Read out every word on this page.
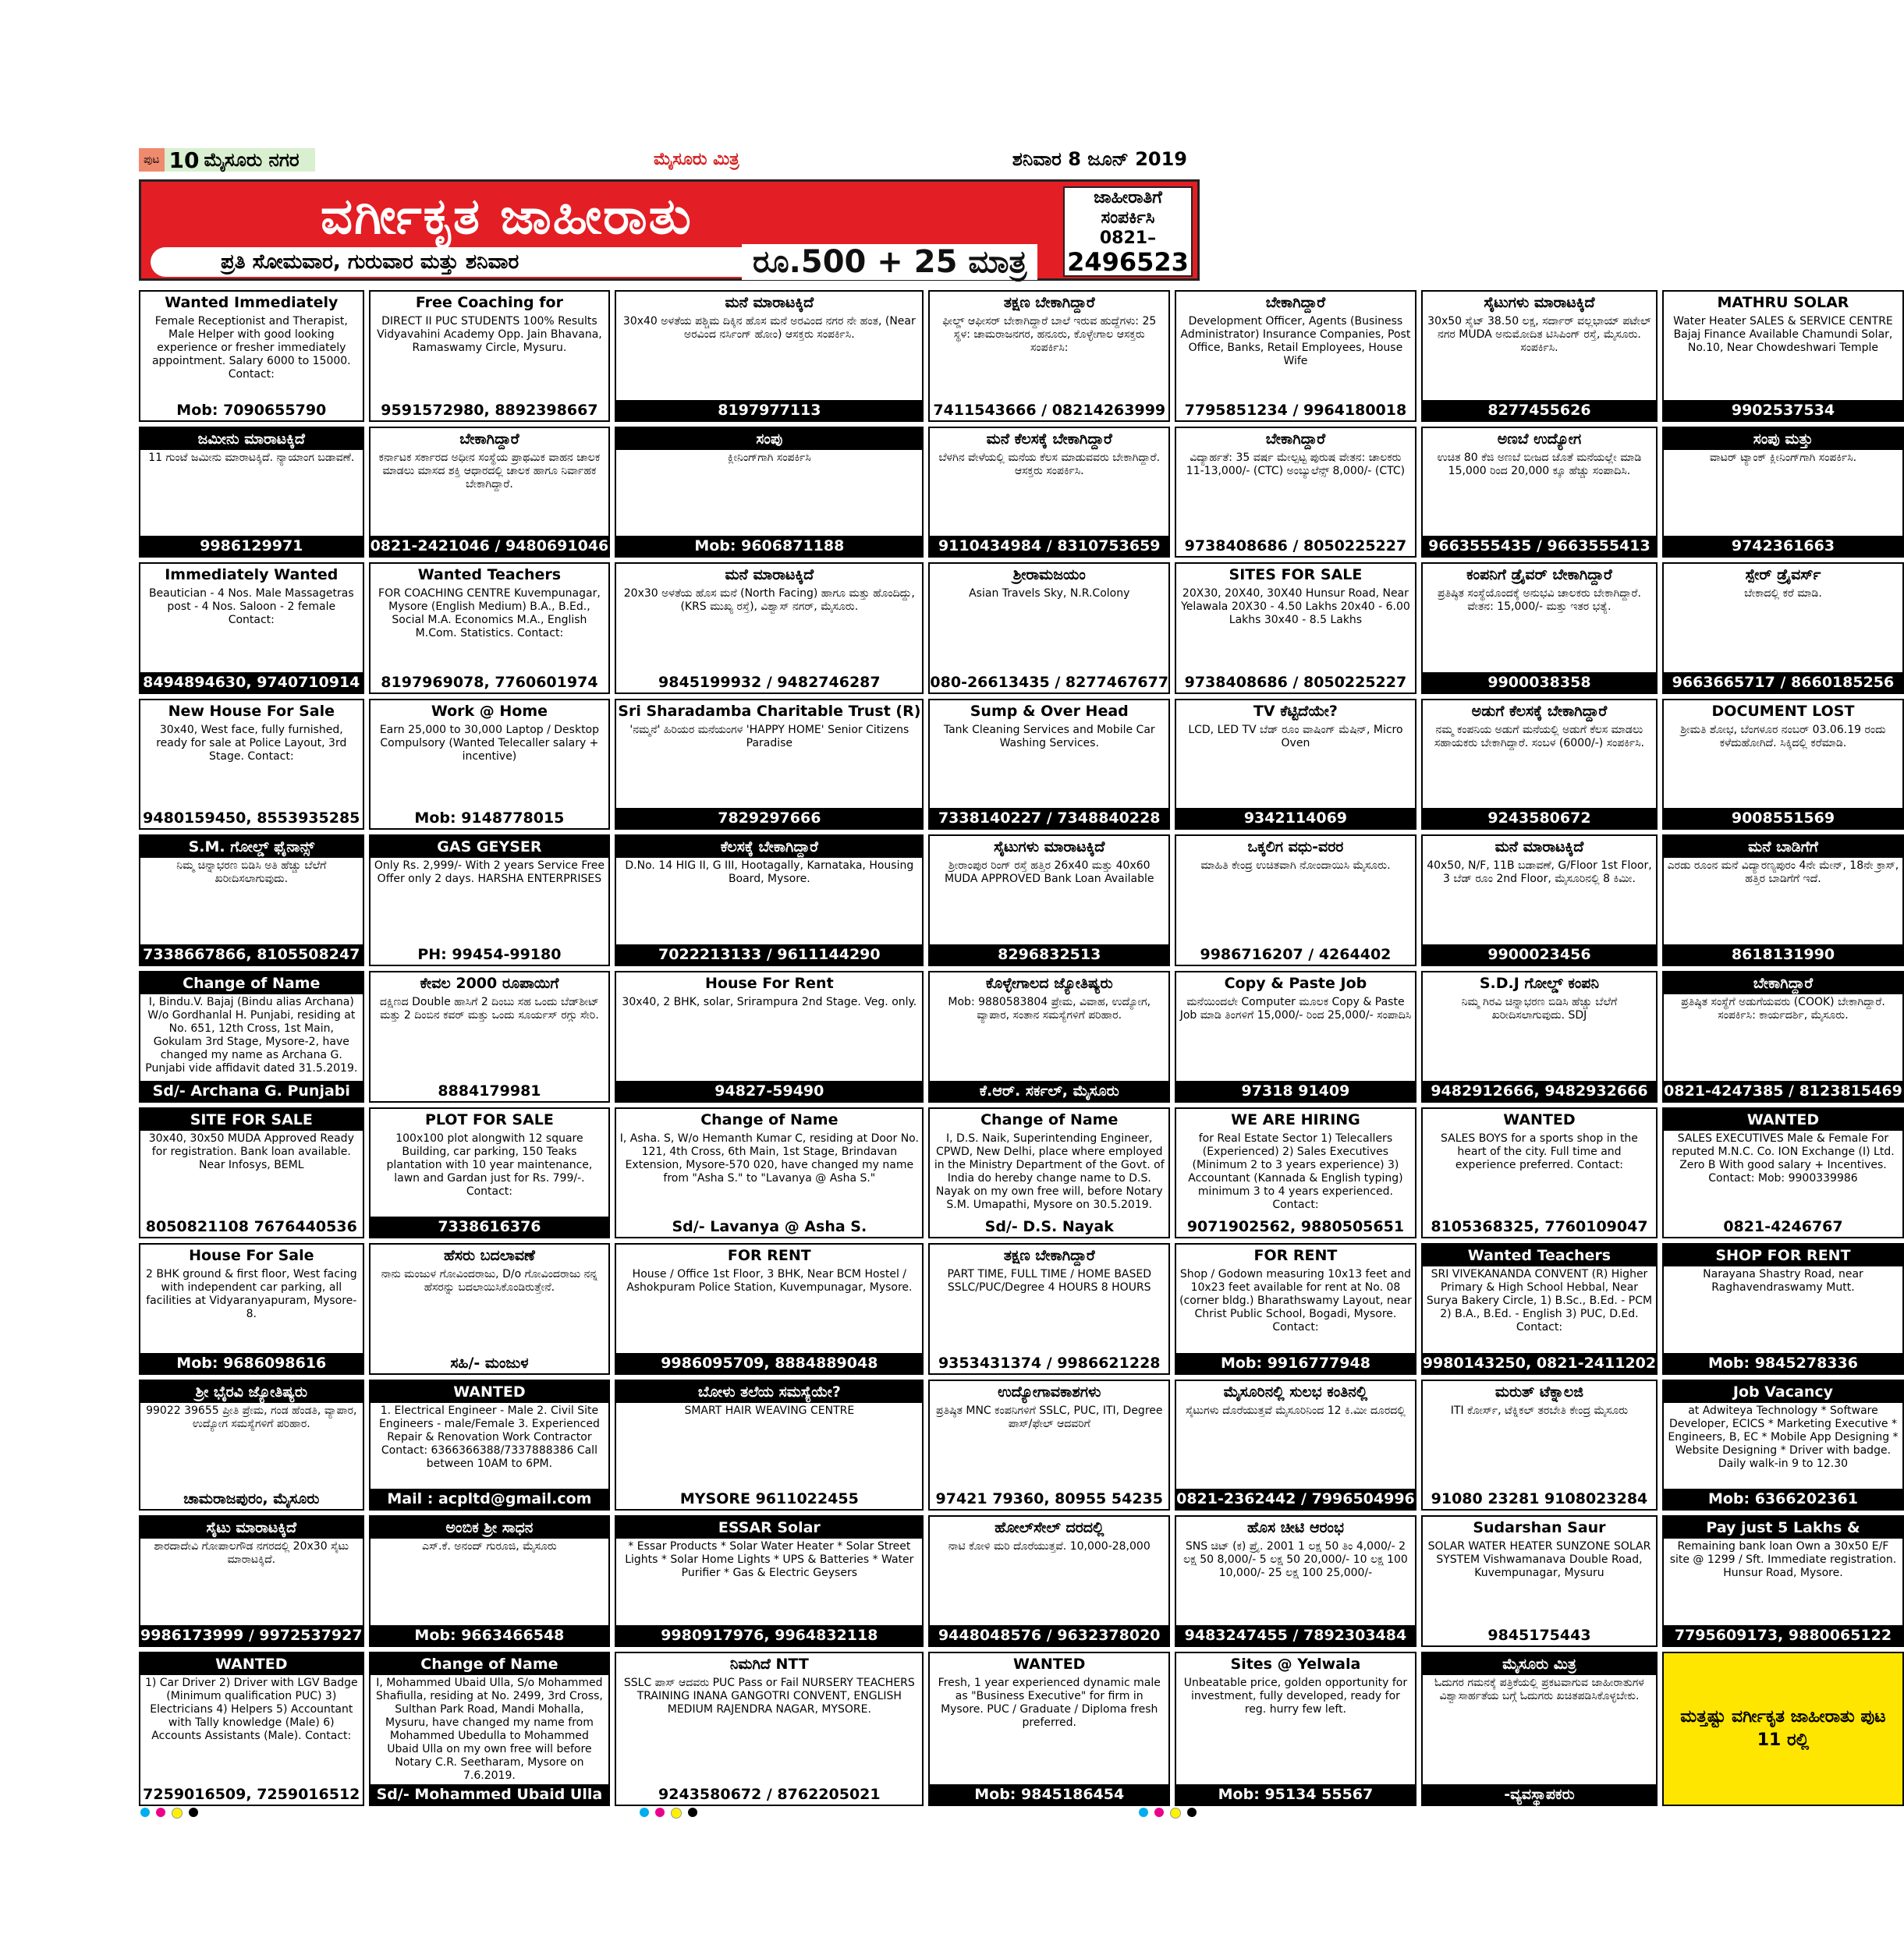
ಪುಟ 10 ಮೈಸೂರು ನಗರ	ಮೈಸೂರು ಮಿತ್ರ	ಶನಿವಾರ 8 ಜೂನ್ 2019
ವರ್ಗೀಕೃತ ಜಾಹೀರಾತು
ಪ್ರತಿ ಸೋಮವಾರ, ಗುರುವಾರ ಮತ್ತು ಶನಿವಾರ	ರೂ.500 + 25 ಮಾತ್ರ
ಜಾಹೀರಾತಿಗೆ ಸಂಪರ್ಕಿಸಿ
0821–
2496523
Wanted Immediately
Female Receptionist and Therapist, Male Helper with good looking experience or fresher immediately appointment. Salary 6000 to 15000. Contact:
Mob: 7090655790
Free Coaching for
DIRECT II PUC STUDENTS 100% Results Vidyavahini Academy Opp. Jain Bhavana, Ramaswamy Circle, Mysuru.
9591572980, 8892398667
ಮನೆ ಮಾರಾಟಕ್ಕಿದೆ
30x40 ಅಳತೆಯ ಪಶ್ಚಿಮ ದಿಕ್ಕಿನ ಹೊಸ ಮನೆ ಅರವಿಂದ ನಗರ ನೇ ಹಂತ, (Near ಅರವಿಂದ ನರ್ಸಿಂಗ್ ಹೋಂ) ಆಸಕ್ತರು ಸಂಪರ್ಕಿಸಿ.
8197977113
ತಕ್ಷಣ ಬೇಕಾಗಿದ್ದಾರೆ
ಫೀಲ್ಡ್ ಆಫೀಸರ್ ಬೇಕಾಗಿದ್ದಾರೆ ಬಾಲೆ ಇರುವ ಹುದ್ದೆಗಳು: 25 ಸ್ಥಳ: ಚಾಮರಾಜನಗರ, ಹನೂರು, ಕೊಳ್ಳೇಗಾಲ ಆಸಕ್ತರು ಸಂಪರ್ಕಿಸಿ:
7411543666 / 08214263999
ಬೇಕಾಗಿದ್ದಾರೆ
Development Officer, Agents (Business Administrator) Insurance Companies, Post Office, Banks, Retail Employees, House Wife
7795851234 / 9964180018
ಸೈಟುಗಳು ಮಾರಾಟಕ್ಕಿದೆ
30x50 ಸೈಟ್ 38.50 ಲಕ್ಷ, ಸರ್ದಾರ್ ವಲ್ಲಭಾಯ್ ಪಟೇಲ್ ನಗರ MUDA ಅನುಮೋದಿತ ಟಿಸಿಪಿಂಗ್ ರಸ್ತೆ, ಮೈಸೂರು. ಸಂಪರ್ಕಿಸಿ.
8277455626
MATHRU SOLAR
Water Heater SALES & SERVICE CENTRE Bajaj Finance Available Chamundi Solar, No.10, Near Chowdeshwari Temple
9902537534
ಜಮೀನು ಮಾರಾಟಕ್ಕಿದೆ
11 ಗುಂಟೆ ಜಮೀನು ಮಾರಾಟಕ್ಕಿದೆ. ನ್ಯಾಯಾಂಗ ಬಡಾವಣೆ.
9986129971
ಬೇಕಾಗಿದ್ದಾರೆ
ಕರ್ನಾಟಕ ಸರ್ಕಾರದ ಅಧೀನ ಸಂಸ್ಥೆಯ ಪ್ರಾಥಮಿಕ ವಾಹನ ಚಾಲಕ ಮಾಡಲು ಮಾಸದ ಶಕ್ತಿ ಆಧಾರದಲ್ಲಿ ಚಾಲಕ ಹಾಗೂ ನಿರ್ವಾಹಕ ಬೇಕಾಗಿದ್ದಾರೆ.
0821-2421046 / 9480691046
ಸಂಪು
ಕ್ಲೀನಿಂಗ್‌ಗಾಗಿ ಸಂಪರ್ಕಿಸಿ
Mob: 9606871188
ಮನೆ ಕೆಲಸಕ್ಕೆ ಬೇಕಾಗಿದ್ದಾರೆ
ಬೆಳಗಿನ ವೇಳೆಯಲ್ಲಿ ಮನೆಯ ಕೆಲಸ ಮಾಡುವವರು ಬೇಕಾಗಿದ್ದಾರೆ. ಆಸಕ್ತರು ಸಂಪರ್ಕಿಸಿ.
9110434984 / 8310753659
ಬೇಕಾಗಿದ್ದಾರೆ
ವಿದ್ಯಾರ್ಹತೆ: 35 ವರ್ಷ ಮೇಲ್ಪಟ್ಟ ಪುರುಷ ವೇತನ: ಚಾಲಕರು 11-13,000/- (CTC) ಅಂಬ್ಯುಲೆನ್ಸ್ 8,000/- (CTC)
9738408686 / 8050225227
ಅಣಬೆ ಉದ್ಯೋಗ
ಉಚಿತ 80 ಕೆಜಿ ಅಣಬೆ ಬೀಜದ ಜೊತೆ ಮನೆಯಲ್ಲೇ ಮಾಡಿ 15,000 ರಿಂದ 20,000 ಕ್ಕೂ ಹೆಚ್ಚು ಸಂಪಾದಿಸಿ.
9663555435 / 9663555413
ಸಂಪು ಮತ್ತು
ವಾಟರ್ ಟ್ಯಾಂಕ್ ಕ್ಲೀನಿಂಗ್‌ಗಾಗಿ ಸಂಪರ್ಕಿಸಿ.
9742361663
Immediately Wanted
Beautician - 4 Nos. Male Massagetras post - 4 Nos. Saloon - 2 female Contact:
8494894630, 9740710914
Wanted Teachers
FOR COACHING CENTRE Kuvempunagar, Mysore (English Medium) B.A., B.Ed., Social M.A. Economics M.A., English M.Com. Statistics. Contact:
8197969078, 7760601974
ಮನೆ ಮಾರಾಟಕ್ಕಿದೆ
20x30 ಅಳತೆಯ ಹೊಸ ಮನೆ (North Facing) ಹಾಗೂ ಮತ್ತು ಹೊಂದಿದ್ದು, (KRS ಮುಖ್ಯ ರಸ್ತೆ), ವಿಶ್ವಾಸ್ ನಗರ್, ಮೈಸೂರು.
9845199932 / 9482746287
ಶ್ರೀರಾಮಜಯಂ
Asian Travels Sky, N.R.Colony
080-26613435 / 8277467677
SITES FOR SALE
20X30, 20X40, 30X40 Hunsur Road, Near Yelawala 20X30 - 4.50 Lakhs 20x40 - 6.00 Lakhs 30x40 - 8.5 Lakhs
9738408686 / 8050225227
ಕಂಪನಿಗೆ ಡ್ರೈವರ್ ಬೇಕಾಗಿದ್ದಾರೆ
ಪ್ರತಿಷ್ಠಿತ ಸಂಸ್ಥೆಯೊಂದಕ್ಕೆ ಅನುಭವಿ ಚಾಲಕರು ಬೇಕಾಗಿದ್ದಾರೆ. ವೇತನ: 15,000/- ಮತ್ತು ಇತರ ಭತ್ಯೆ.
9900038358
ಸ್ಪೇರ್ ಡ್ರೈವರ್ಸ್
ಬೇಕಾದಲ್ಲಿ ಕರೆ ಮಾಡಿ.
9663665717 / 8660185256
New House For Sale
30x40, West face, fully furnished, ready for sale at Police Layout, 3rd Stage. Contact:
9480159450, 8553935285
Work @ Home
Earn 25,000 to 30,000 Laptop / Desktop Compulsory (Wanted Telecaller salary + incentive)
Mob: 9148778015
Sri Sharadamba Charitable Trust (R)
'ನಮ್ಮನೆ' ಹಿರಿಯರ ಮನೆಯಂಗಳ 'HAPPY HOME' Senior Citizens Paradise
7829297666
Sump & Over Head
Tank Cleaning Services and Mobile Car Washing Services.
7338140227 / 7348840228
TV ಕೆಟ್ಟಿದೆಯೇ?
LCD, LED TV ಬೆಡ್ ರೂಂ ವಾಷಿಂಗ್ ಮೆಷಿನ್, Micro Oven
9342114069
ಅಡುಗೆ ಕೆಲಸಕ್ಕೆ ಬೇಕಾಗಿದ್ದಾರೆ
ನಮ್ಮ ಕಂಪನಿಯ ಅಡುಗೆ ಮನೆಯಲ್ಲಿ ಅಡುಗೆ ಕೆಲಸ ಮಾಡಲು ಸಹಾಯಕರು ಬೇಕಾಗಿದ್ದಾರೆ. ಸಂಬಳ (6000/-) ಸಂಪರ್ಕಿಸಿ.
9243580672
DOCUMENT LOST
ಶ್ರೀಮತಿ ಶೋಭ, ಬೆಂಗಳೂರ ನಂಬರ್ 03.06.19 ರಂದು ಕಳೆದುಹೋಗಿದೆ. ಸಿಕ್ಕಿದಲ್ಲಿ ಕರೆಮಾಡಿ.
9008551569
S.M. ಗೋಲ್ಡ್ ಫೈನಾನ್ಸ್
ನಿಮ್ಮ ಚಿನ್ನಾಭರಣ ಬಿಡಿಸಿ ಅತಿ ಹೆಚ್ಚು ಬೆಲೆಗೆ ಖರೀದಿಸಲಾಗುವುದು.
7338667866, 8105508247
GAS GEYSER
Only Rs. 2,999/- With 2 years Service Free Offer only 2 days. HARSHA ENTERPRISES
PH: 99454-99180
ಕೆಲಸಕ್ಕೆ ಬೇಕಾಗಿದ್ದಾರೆ
D.No. 14 HIG II, G III, Hootagally, Karnataka, Housing Board, Mysore.
7022213133 / 9611144290
ಸೈಟುಗಳು ಮಾರಾಟಕ್ಕಿದೆ
ಶ್ರೀರಾಂಪುರ ರಿಂಗ್ ರಸ್ತೆ ಹತ್ತಿರ 26x40 ಮತ್ತು 40x60 MUDA APPROVED Bank Loan Available
8296832513
ಒಕ್ಕಲಿಗ ವಧು-ವರರ
ಮಾಹಿತಿ ಕೇಂದ್ರ ಉಚಿತವಾಗಿ ನೋಂದಾಯಿಸಿ ಮೈಸೂರು.
9986716207 / 4264402
ಮನೆ ಮಾರಾಟಕ್ಕಿದೆ
40x50, N/F, 11B ಬಡಾವಣೆ, G/Floor 1st Floor, 3 ಬೆಡ್ ರೂಂ 2nd Floor, ಮೈಸೂರಿನಲ್ಲಿ 8 ಕಿಮೀ.
9900023456
ಮನೆ ಬಾಡಿಗೆಗೆ
ಎರಡು ರೂಂನ ಮನೆ ವಿದ್ಯಾರಣ್ಯಪುರಂ 4ನೇ ಮೇನ್, 18ನೇ ಕ್ರಾಸ್, ಹತ್ತಿರ ಬಾಡಿಗೆಗೆ ಇದೆ.
8618131990
Change of Name
I, Bindu.V. Bajaj (Bindu alias Archana) W/o Gordhanlal H. Punjabi, residing at No. 651, 12th Cross, 1st Main, Gokulam 3rd Stage, Mysore-2, have changed my name as Archana G. Punjabi vide affidavit dated 31.5.2019.
Sd/- Archana G. Punjabi
ಕೇವಲ 2000 ರೂಪಾಯಿಗೆ
ದಕ್ಷಿಣದ Double ಹಾಸಿಗೆ 2 ದಿಂಬು ಸಹ ಒಂದು ಬೆಡ್‌ಶೀಟ್ ಮತ್ತು 2 ದಿಂಬಿನ ಕವರ್ ಮತ್ತು ಒಂದು ಸೂರ್ಯಸ್ ರಗ್ಗು ಸೇರಿ.
8884179981
House For Rent
30x40, 2 BHK, solar, Srirampura 2nd Stage. Veg. only.
94827-59490
ಕೊಳ್ಳೇಗಾಲದ ಜ್ಯೋತಿಷ್ಯರು
Mob: 9880583804 ಪ್ರೇಮ, ವಿವಾಹ, ಉದ್ಯೋಗ, ವ್ಯಾಪಾರ, ಸಂತಾನ ಸಮಸ್ಯೆಗಳಿಗೆ ಪರಿಹಾರ.
ಕೆ.ಆರ್. ಸರ್ಕಲ್, ಮೈಸೂರು
Copy & Paste Job
ಮನೆಯಿಂದಲೇ Computer ಮೂಲಕ Copy & Paste Job ಮಾಡಿ ತಿಂಗಳಿಗೆ 15,000/- ರಿಂದ 25,000/- ಸಂಪಾದಿಸಿ
97318 91409
S.D.J ಗೋಲ್ಡ್ ಕಂಪನಿ
ನಿಮ್ಮ ಗಿರವಿ ಚಿನ್ನಾಭರಣ ಬಿಡಿಸಿ ಹೆಚ್ಚು ಬೆಲೆಗೆ ಖರೀದಿಸಲಾಗುವುದು. SDJ
9482912666, 9482932666
ಬೇಕಾಗಿದ್ದಾರೆ
ಪ್ರತಿಷ್ಠಿತ ಸಂಸ್ಥೆಗೆ ಅಡುಗೆಯವರು (COOK) ಬೇಕಾಗಿದ್ದಾರೆ. ಸಂಪರ್ಕಿಸಿ: ಕಾರ್ಯದರ್ಶಿ, ಮೈಸೂರು.
0821-4247385 / 8123815469
SITE FOR SALE
30x40, 30x50 MUDA Approved Ready for registration. Bank loan available. Near Infosys, BEML
8050821108 7676440536
PLOT FOR SALE
100x100 plot alongwith 12 square Building, car parking, 150 Teaks plantation with 10 year maintenance, lawn and Gardan just for Rs. 799/-. Contact:
7338616376
Change of Name
I, Asha. S, W/o Hemanth Kumar C, residing at Door No. 121, 4th Cross, 6th Main, 1st Stage, Brindavan Extension, Mysore-570 020, have changed my name from "Asha S." to "Lavanya @ Asha S."
Sd/- Lavanya @ Asha S.
Change of Name
I, D.S. Naik, Superintending Engineer, CPWD, New Delhi, place where employed in the Ministry Department of the Govt. of India do hereby change name to D.S. Nayak on my own free will, before Notary S.M. Umapathi, Mysore on 30.5.2019.
Sd/- D.S. Nayak
WE ARE HIRING
for Real Estate Sector 1) Telecallers (Experienced) 2) Sales Executives (Minimum 2 to 3 years experience) 3) Accountant (Kannada & English typing) minimum 3 to 4 years experienced. Contact:
9071902562, 9880505651
WANTED
SALES BOYS for a sports shop in the heart of the city. Full time and experience preferred. Contact:
8105368325, 7760109047
WANTED
SALES EXECUTIVES Male & Female For reputed M.N.C. Co. ION Exchange (I) Ltd. Zero B With good salary + Incentives. Contact: Mob: 9900339986
0821-4246767
House For Sale
2 BHK ground & first floor, West facing with independent car parking, all facilities at Vidyaranyapuram, Mysore-8.
Mob: 9686098616
ಹೆಸರು ಬದಲಾವಣೆ
ನಾನು ಮಂಜುಳ ಗೋವಿಂದರಾಜು, D/o ಗೋವಿಂದರಾಜು ನನ್ನ ಹೆಸರನ್ನು ಬದಲಾಯಿಸಿಕೊಂಡಿರುತ್ತೇನೆ.
ಸಹಿ/- ಮಂಜುಳ
FOR RENT
House / Office 1st Floor, 3 BHK, Near BCM Hostel / Ashokpuram Police Station, Kuvempunagar, Mysore.
9986095709, 8884889048
ತಕ್ಷಣ ಬೇಕಾಗಿದ್ದಾರೆ
PART TIME, FULL TIME / HOME BASED SSLC/PUC/Degree 4 HOURS 8 HOURS
9353431374 / 9986621228
FOR RENT
Shop / Godown measuring 10x13 feet and 10x23 feet available for rent at No. 08 (corner bldg.) Bharathswamy Layout, near Christ Public School, Bogadi, Mysore. Contact:
Mob: 9916777948
Wanted Teachers
SRI VIVEKANANDA CONVENT (R) Higher Primary & High School Hebbal, Near Surya Bakery Circle, 1) B.Sc., B.Ed. - PCM 2) B.A., B.Ed. - English 3) PUC, D.Ed. Contact:
9980143250, 0821-2411202
SHOP FOR RENT
Narayana Shastry Road, near Raghavendraswamy Mutt.
Mob: 9845278336
ಶ್ರೀ ಭೈರವಿ ಜ್ಯೋತಿಷ್ಯರು
99022 39655 ಪ್ರೀತಿ ಪ್ರೇಮ, ಗಂಡ ಹೆಂಡತಿ, ವ್ಯಾಪಾರ, ಉದ್ಯೋಗ ಸಮಸ್ಯೆಗಳಿಗೆ ಪರಿಹಾರ.
ಚಾಮರಾಜಪುರಂ, ಮೈಸೂರು
WANTED
1. Electrical Engineer - Male 2. Civil Site Engineers - male/Female 3. Experienced Repair & Renovation Work Contractor Contact: 6366366388/7337888386 Call between 10AM to 6PM.
Mail : acpltd@gmail.com
ಬೋಳು ತಲೆಯ ಸಮಸ್ಯೆಯೇ?
SMART HAIR WEAVING CENTRE
MYSORE 9611022455
ಉದ್ಯೋಗಾವಕಾಶಗಳು
ಪ್ರತಿಷ್ಠಿತ MNC ಕಂಪನಿಗಳಿಗೆ SSLC, PUC, ITI, Degree ಪಾಸ್/ಫೇಲ್ ಆದವರಿಗೆ
97421 79360, 80955 54235
ಮೈಸೂರಿನಲ್ಲಿ ಸುಲಭ ಕಂತಿನಲ್ಲಿ
ಸೈಟುಗಳು ದೊರೆಯುತ್ತವೆ ಮೈಸೂರಿನಿಂದ 12 ಕಿ.ಮೀ ದೂರದಲ್ಲಿ
0821-2362442 / 7996504996
ಮರುತ್ ಟೆಕ್ನಾಲಜಿ
ITI ಕೋರ್ಸ್, ಟೆಕ್ನಿಕಲ್ ತರಬೇತಿ ಕೇಂದ್ರ ಮೈಸೂರು
91080 23281 9108023284
Job Vacancy
at Adwiteya Technology * Software Developer, ECICS * Marketing Executive * Engineers, B, EC * Mobile App Designing * Website Designing * Driver with badge. Daily walk-in 9 to 12.30
Mob: 6366202361
ಸೈಟು ಮಾರಾಟಕ್ಕಿದೆ
ಶಾರದಾದೇವಿ ಗೋಪಾಲಗೌಡ ನಗರದಲ್ಲಿ 20x30 ಸೈಟು ಮಾರಾಟಕ್ಕಿದೆ.
9986173999 / 9972537927
ಅಂಬಿಕ ಶ್ರೀ ಸಾಧನ
ಎಸ್.ಕೆ. ಅನಂದ್ ಗುರೂಜಿ, ಮೈಸೂರು
Mob: 9663466548
ESSAR Solar
* Essar Products * Solar Water Heater * Solar Street Lights * Solar Home Lights * UPS & Batteries * Water Purifier * Gas & Electric Geysers
9980917976, 9964832118
ಹೋಲ್‌ಸೇಲ್ ದರದಲ್ಲಿ
ನಾಟಿ ಕೋಳಿ ಮರಿ ದೊರೆಯುತ್ತವೆ. 10,000-28,000
9448048576 / 9632378020
ಹೊಸ ಚೀಟಿ ಆರಂಭ
SNS ಚಿಟ್ (ಕ) ಪ್ರೈ. 2001 1 ಲಕ್ಷ 50 ತಿಂ 4,000/- 2 ಲಕ್ಷ 50 8,000/- 5 ಲಕ್ಷ 50 20,000/- 10 ಲಕ್ಷ 100 10,000/- 25 ಲಕ್ಷ 100 25,000/-
9483247455 / 7892303484
Sudarshan Saur
SOLAR WATER HEATER SUNZONE SOLAR SYSTEM Vishwamanava Double Road, Kuvempunagar, Mysuru
9845175443
Pay just 5 Lakhs &
Remaining bank loan Own a 30x50 E/F site @ 1299 / Sft. Immediate registration. Hunsur Road, Mysore.
7795609173, 9880065122
WANTED
1) Car Driver 2) Driver with LGV Badge (Minimum qualification PUC) 3) Electricians 4) Helpers 5) Accountant with Tally knowledge (Male) 6) Accounts Assistants (Male). Contact:
7259016509, 7259016512
Change of Name
I, Mohammed Ubaid Ulla, S/o Mohammed Shafiulla, residing at No. 2499, 3rd Cross, Sulthan Park Road, Mandi Mohalla, Mysuru, have changed my name from Mohammed Ubedulla to Mohammed Ubaid Ulla on my own free will before Notary C.R. Seetharam, Mysore on 7.6.2019.
Sd/- Mohammed Ubaid Ulla
ನಿಮಗಿದೆ NTT
SSLC ಪಾಸ್ ಆದವರು PUC Pass or Fail NURSERY TEACHERS TRAINING INANA GANGOTRI CONVENT, ENGLISH MEDIUM RAJENDRA NAGAR, MYSORE.
9243580672 / 8762205021
WANTED
Fresh, 1 year experienced dynamic male as "Business Executive" for firm in Mysore. PUC / Graduate / Diploma fresh preferred.
Mob: 9845186454
Sites @ Yelwala
Unbeatable price, golden opportunity for investment, fully developed, ready for reg. hurry few left.
Mob: 95134 55567
ಮೈಸೂರು ಮಿತ್ರ
ಓದುಗರ ಗಮನಕ್ಕೆ ಪತ್ರಿಕೆಯಲ್ಲಿ ಪ್ರಕಟವಾಗುವ ಜಾಹೀರಾತುಗಳ ವಿಶ್ವಾಸಾರ್ಹತೆಯ ಬಗ್ಗೆ ಓದುಗರು ಖಚಿತಪಡಿಸಿಕೊಳ್ಳಬೇಕು.
-ವ್ಯವಸ್ಥಾಪಕರು
ಮತ್ತಷ್ಟು ವರ್ಗೀಕೃತ ಜಾಹೀರಾತು ಪುಟ 11 ರಲ್ಲಿ
